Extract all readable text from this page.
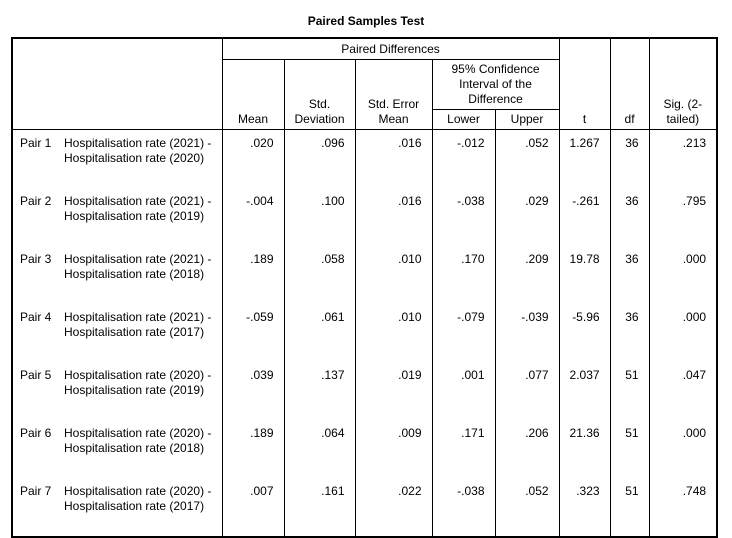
Paired Samples Test
		Paired Differences					t	df	Sig. (2-tailed)
		Mean	Std. Deviation	Std. Error Mean	95% Confidence Interval of the Difference				

					Lower	Upper			
Pair 1	Hospitalisation rate (2021) - Hospitalisation rate (2020)	.020	.096	.016	-.012	.052	1.267	36	.213
Pair 2	Hospitalisation rate (2021) - Hospitalisation rate (2019)	-.004	.100	.016	-.038	.029	-.261	36	.795
Pair 3	Hospitalisation rate (2021) - Hospitalisation rate (2018)	.189	.058	.010	.170	.209	19.78	36	.000
Pair 4	Hospitalisation rate (2021) - Hospitalisation rate (2017)	-.059	.061	.010	-.079	-.039	-5.96	36	.000
Pair 5	Hospitalisation rate (2020) - Hospitalisation rate (2019)	.039	.137	.019	.001	.077	2.037	51	.047
Pair 6	Hospitalisation rate (2020) - Hospitalisation rate (2018)	.189	.064	.009	.171	.206	21.36	51	.000
Pair 7	Hospitalisation rate (2020) - Hospitalisation rate (2017)	.007	.161	.022	-.038	.052	.323	51	.748
